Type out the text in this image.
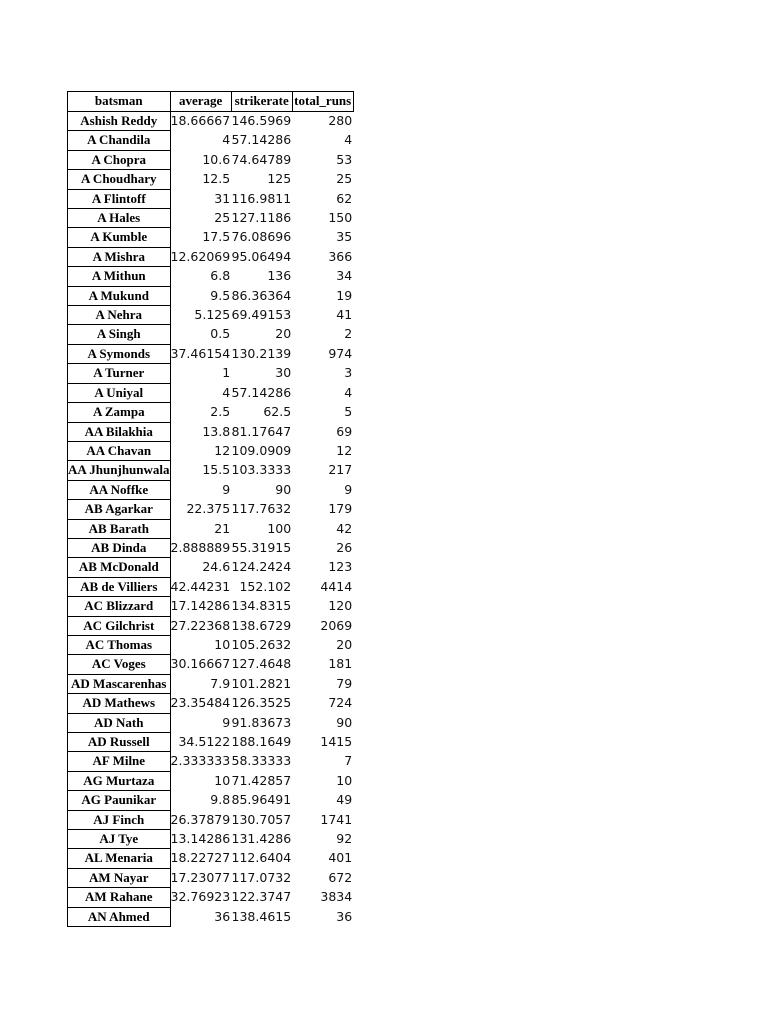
batsman	average	strikerate	total_runs
Ashish Reddy	18.66667	146.5969	280
A Chandila	4	57.14286	4
A Chopra	10.6	74.64789	53
A Choudhary	12.5	125	25
A Flintoff	31	116.9811	62
A Hales	25	127.1186	150
A Kumble	17.5	76.08696	35
A Mishra	12.62069	95.06494	366
A Mithun	6.8	136	34
A Mukund	9.5	86.36364	19
A Nehra	5.125	69.49153	41
A Singh	0.5	20	2
A Symonds	37.46154	130.2139	974
A Turner	1	30	3
A Uniyal	4	57.14286	4
A Zampa	2.5	62.5	5
AA Bilakhia	13.8	81.17647	69
AA Chavan	12	109.0909	12
AA Jhunjhunwala	15.5	103.3333	217
AA Noffke	9	90	9
AB Agarkar	22.375	117.7632	179
AB Barath	21	100	42
AB Dinda	2.888889	55.31915	26
AB McDonald	24.6	124.2424	123
AB de Villiers	42.44231	152.102	4414
AC Blizzard	17.14286	134.8315	120
AC Gilchrist	27.22368	138.6729	2069
AC Thomas	10	105.2632	20
AC Voges	30.16667	127.4648	181
AD Mascarenhas	7.9	101.2821	79
AD Mathews	23.35484	126.3525	724
AD Nath	9	91.83673	90
AD Russell	34.5122	188.1649	1415
AF Milne	2.333333	58.33333	7
AG Murtaza	10	71.42857	10
AG Paunikar	9.8	85.96491	49
AJ Finch	26.37879	130.7057	1741
AJ Tye	13.14286	131.4286	92
AL Menaria	18.22727	112.6404	401
AM Nayar	17.23077	117.0732	672
AM Rahane	32.76923	122.3747	3834
AN Ahmed	36	138.4615	36
